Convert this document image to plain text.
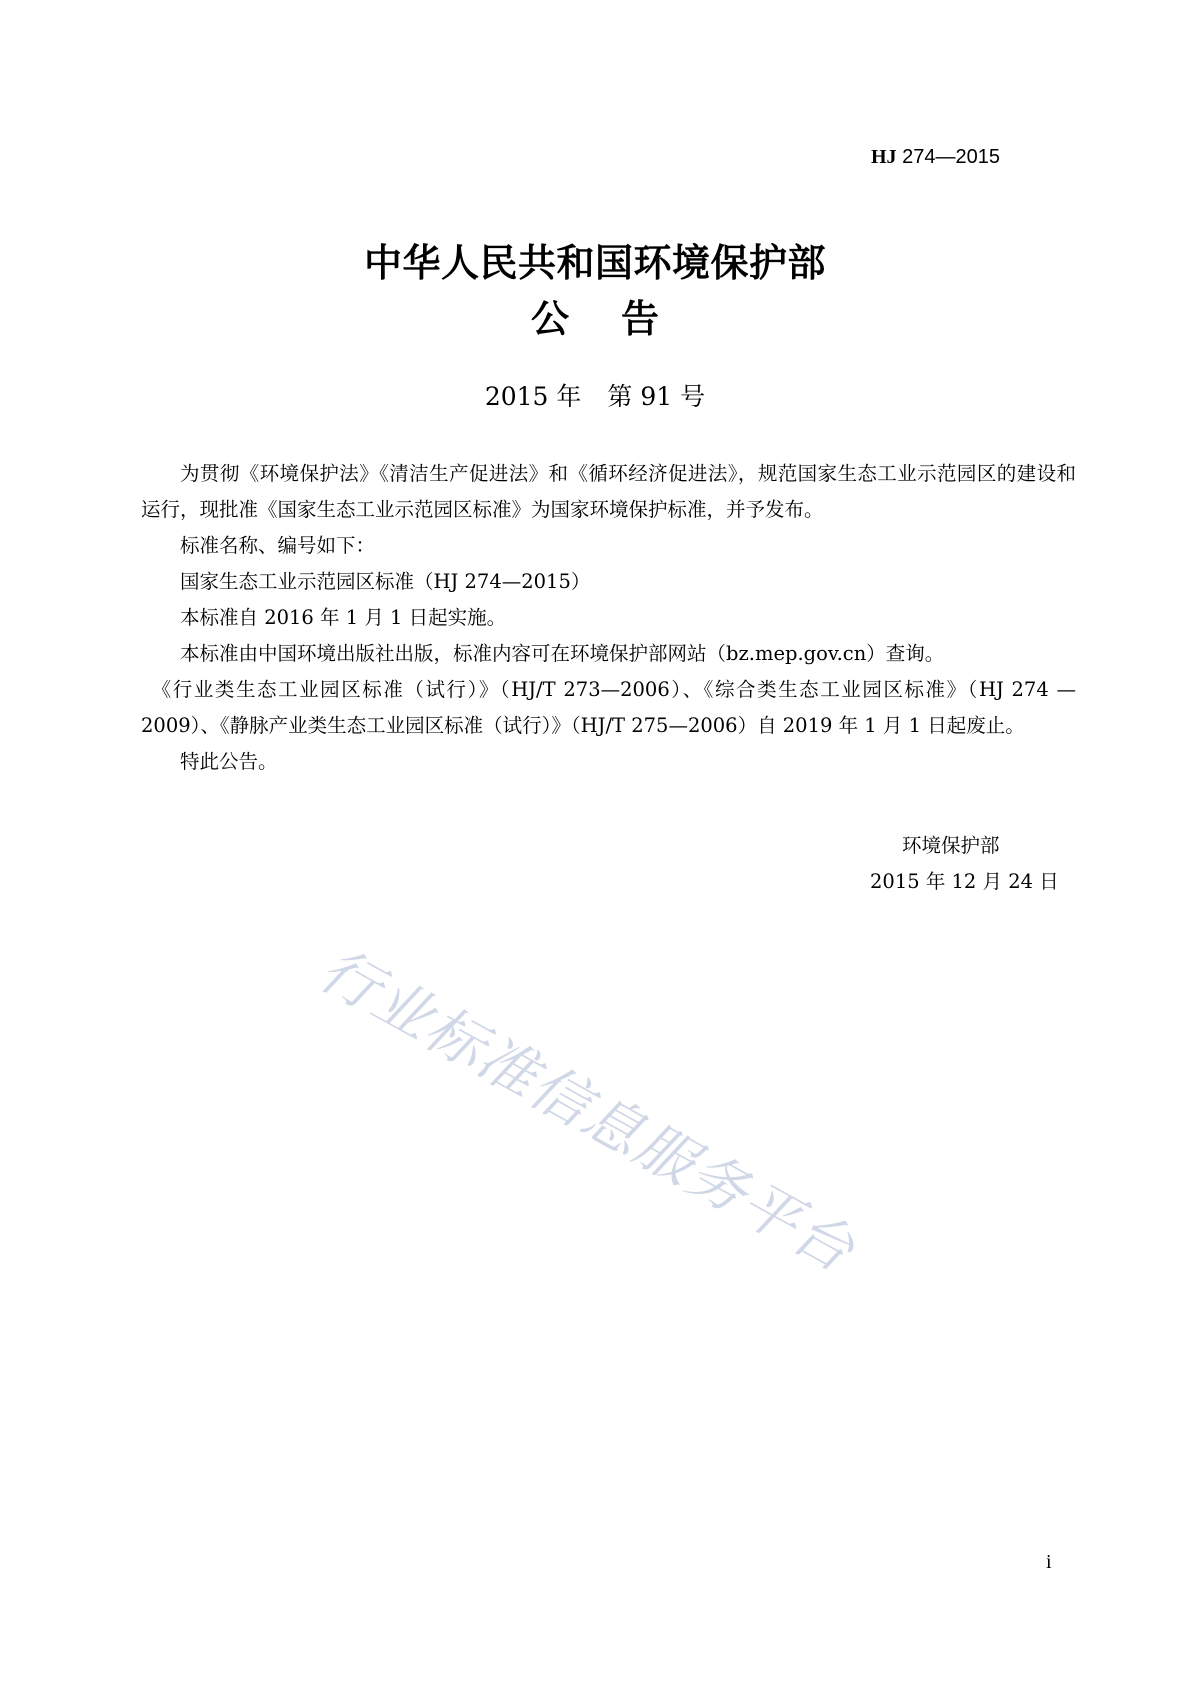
HJ 274—2015
中华人民共和国环境保护部
公 告
2015 年 第 91 号

为贯彻《环境保护法》《清洁生产促进法》和《循环经济促进法》，规范国家生态工业示范园区的建设和运行，现批准《国家生态工业示范园区标准》为国家环境保护标准，并予发布。

标准名称、编号如下：

国家生态工业示范园区标准（HJ 274—2015）

本标准自 2016 年 1 月 1 日起实施。

本标准由中国环境出版社出版，标准内容可在环境保护部网站（bz.mep.gov.cn）查询。

《行业类生态工业园区标准（试行）》（HJ/T 273—2006）、《综合类生态工业园区标准》（HJ 274 —2009）、《静脉产业类生态工业园区标准（试行）》（HJ/T 275—2006）自 2019 年 1 月 1 日起废止。

特此公告。

环境保护部
2015 年 12 月 24 日
行业标准信息服务平台
i
